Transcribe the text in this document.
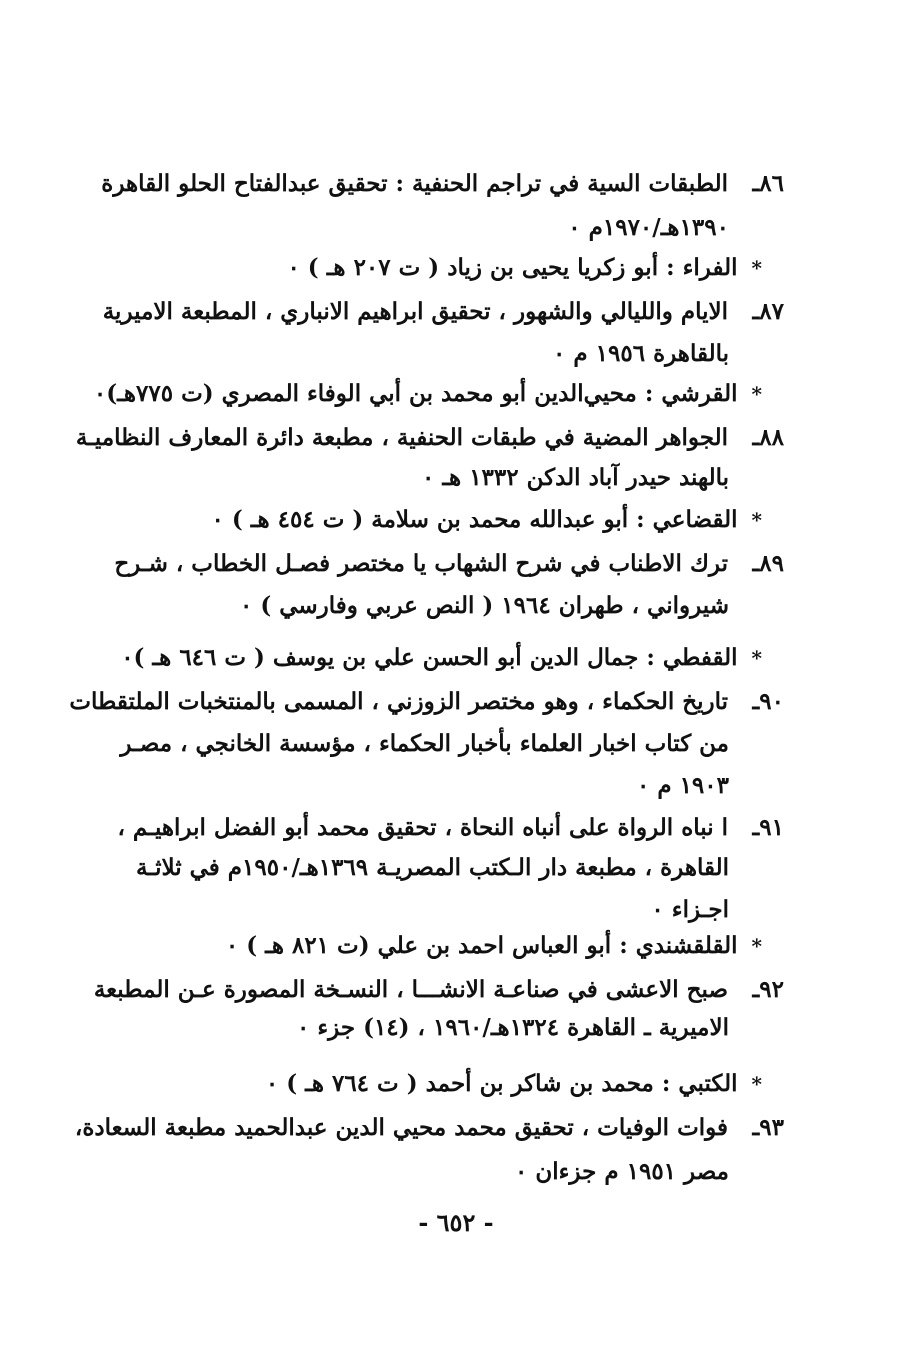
٨٦ـالطبقات السية في تراجم الحنفية : تحقيق عبدالفتاح الحلو القاهرة
١٣٩٠هـ/١٩٧٠م ٠
*الفراء : أبو زكريا يحيى بن زياد ( ت ٢٠٧ هـ ) ٠
٨٧ـالايام والليالي والشهور ، تحقيق ابراهيم الانباري ، المطبعة الاميرية
بالقاهرة ١٩٥٦ م ٠
*القرشي : محيي‌الدين أبو محمد بن أبي الوفاء المصري (ت ٧٧٥هـ)٠
٨٨ـالجواهر المضية في طبقات الحنفية ، مطبعة دائرة المعارف النظاميـة
بالهند حيدر آباد الدكن ١٣٣٢ هـ ٠
*القضاعي : أبو عبدالله محمد بن سلامة ( ت ٤٥٤ هـ ) ٠
٨٩ـترك الاطناب في شرح الشهاب يا مختصر فصـل الخطاب ، شـرح
شيرواني ، طهران ١٩٦٤ ( النص عربي وفارسي ) ٠
*القفطي : جمال الدين أبو الحسن علي بن يوسف ( ت ٦٤٦ هـ )٠
٩٠ـتاريخ الحكماء ، وهو مختصر الزوزني ، المسمى بالمنتخبات الملتقطات
من كتاب اخبار العلماء بأخبار الحكماء ، مؤسسة الخانجي ، مصـر
١٩٠٣ م ٠
٩١ـا نباه الرواة على أنباه النحاة ، تحقيق محمد أبو الفضل ابراهيـم ،
القاهرة ، مطبعة دار الـكتب المصريـة ١٣٦٩هـ/١٩٥٠م في ثلاثـة
اجـزاء ٠
*القلقشندي : أبو العباس احمد بن علي (ت ٨٢١ هـ ) ٠
٩٢ـصبح الاعشى في صناعـة الانشـــا ، النسـخة المصورة عـن المطبعة
الاميرية ـ القاهرة ١٣٢٤هـ/١٩٦٠ ، (١٤) جزء ٠
*الكتبي : محمد بن شاكر بن أحمد ( ت ٧٦٤ هـ ) ٠
٩٣ـفوات الوفيات ، تحقيق محمد محيي الدين عبدالحميد مطبعة السعادة،
مصر ١٩٥١ م جزءان ٠
- ٦٥٢ -
